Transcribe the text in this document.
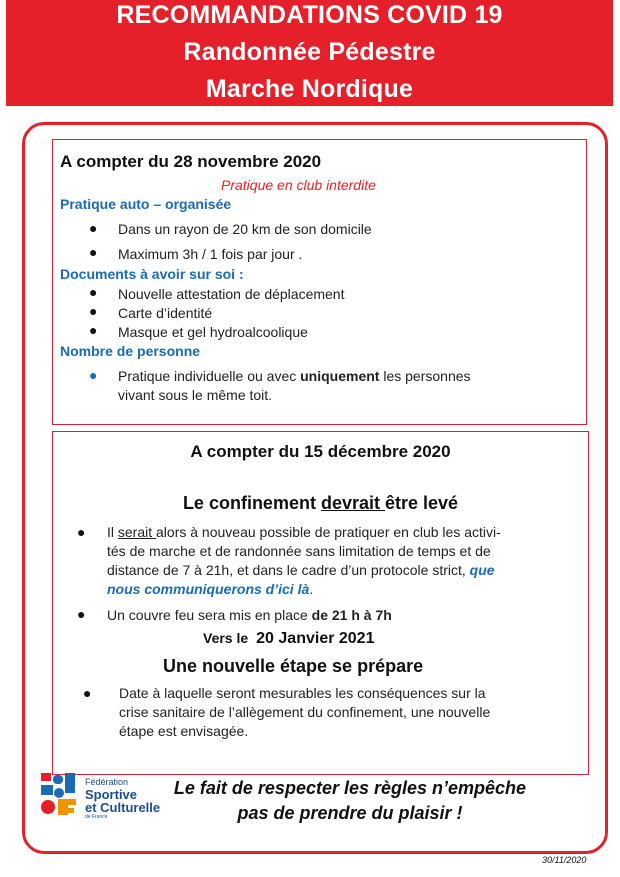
RECOMMANDATIONS COVID 19
Randonnée Pédestre
Marche Nordique
A compter du 28 novembre 2020
Pratique en club interdite
Pratique auto – organisée
● Dans un rayon de 20 km de son domicile
● Maximum 3h / 1 fois par jour .
Documents à avoir sur soi :
● Nouvelle attestation de déplacement
● Carte d’identité
● Masque et gel hydroalcoolique
Nombre de personne
● Pratique individuelle ou avec uniquement les personnes
vivant sous le même toit.
A compter du 15 décembre 2020
Le confinement devrait être levé
● Il serait alors à nouveau possible de pratiquer en club les activi-
tés de marche et de randonnée sans limitation de temps et de
distance de 7 à 21h, et dans le cadre d’un protocole strict, que
nous communiquerons d’ici là.
● Un couvre feu sera mis en place de 21 h à 7h
Vers le 20 Janvier 2021
Une nouvelle étape se prépare
● Date à laquelle seront mesurables les conséquences sur la
crise sanitaire de l’allègement du confinement, une nouvelle
étape est envisagée.
Fédération
Sportive
et Culturelle
de France
Le fait de respecter les règles n’empêche
pas de prendre du plaisir !
30/11/2020
